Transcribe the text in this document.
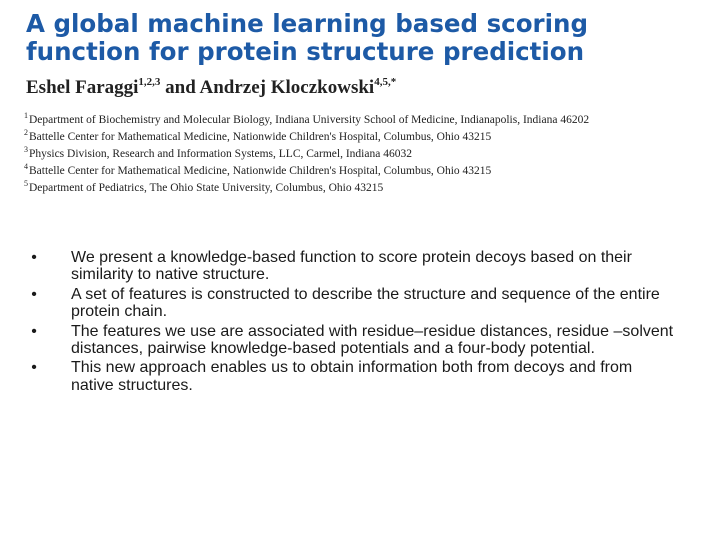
A global machine learning based scoring
function for protein structure prediction
Eshel Faraggi$^{1,2,3}$ and Andrzej Kloczkowski$^{4,5,*}$
$^1$Department of Biochemistry and Molecular Biology, Indiana University School of Medicine, Indianapolis, Indiana 46202
$^2$Battelle Center for Mathematical Medicine, Nationwide Children's Hospital, Columbus, Ohio 43215
$^3$Physics Division, Research and Information Systems, LLC, Carmel, Indiana 46032
$^4$Battelle Center for Mathematical Medicine, Nationwide Children's Hospital, Columbus, Ohio 43215
$^5$Department of Pediatrics, The Ohio State University, Columbus, Ohio 43215
• We present a knowledge-based function to score protein decoys based on their similarity to native structure.
• A set of features is constructed to describe the structure and sequence of the entire protein chain.
• The features we use are associated with residue–residue distances, residue –solvent distances, pairwise knowledge-based potentials and a four-body potential.
• This new approach enables us to obtain information both from decoys and from native structures.
